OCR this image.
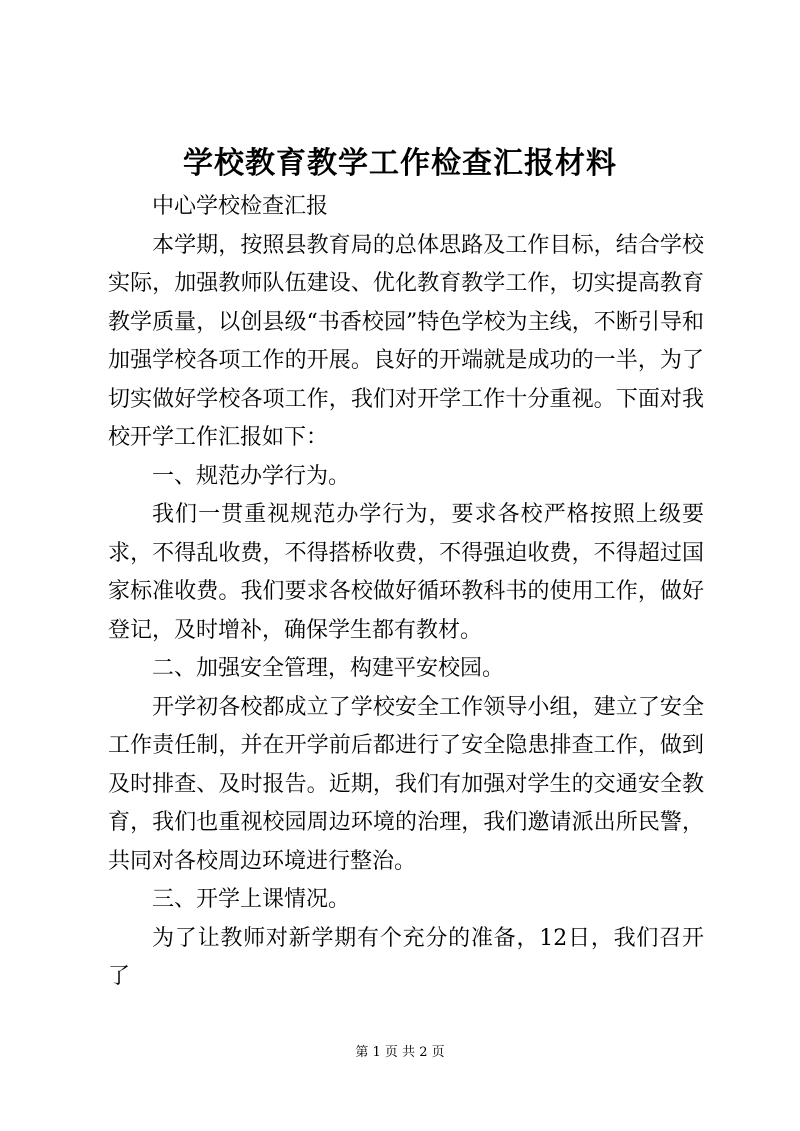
学校教育教学工作检查汇报材料

中心学校检查汇报

本学期，按照县教育局的总体思路及工作目标，结合学校实际，加强教师队伍建设、优化教育教学工作，切实提高教育教学质量，以创县级“书香校园”特色学校为主线，不断引导和加强学校各项工作的开展。良好的开端就是成功的一半，为了切实做好学校各项工作，我们对开学工作十分重视。下面对我校开学工作汇报如下：

一、规范办学行为。

我们一贯重视规范办学行为，要求各校严格按照上级要求，不得乱收费，不得搭桥收费，不得强迫收费，不得超过国家标准收费。我们要求各校做好循环教科书的使用工作，做好登记，及时增补，确保学生都有教材。

二、加强安全管理，构建平安校园。

开学初各校都成立了学校安全工作领导小组，建立了安全工作责任制，并在开学前后都进行了安全隐患排查工作，做到及时排查、及时报告。近期，我们有加强对学生的交通安全教育，我们也重视校园周边环境的治理，我们邀请派出所民警，共同对各校周边环境进行整治。

三、开学上课情况。

为了让教师对新学期有个充分的准备，12日，我们召开了

第 1 页 共 2 页
